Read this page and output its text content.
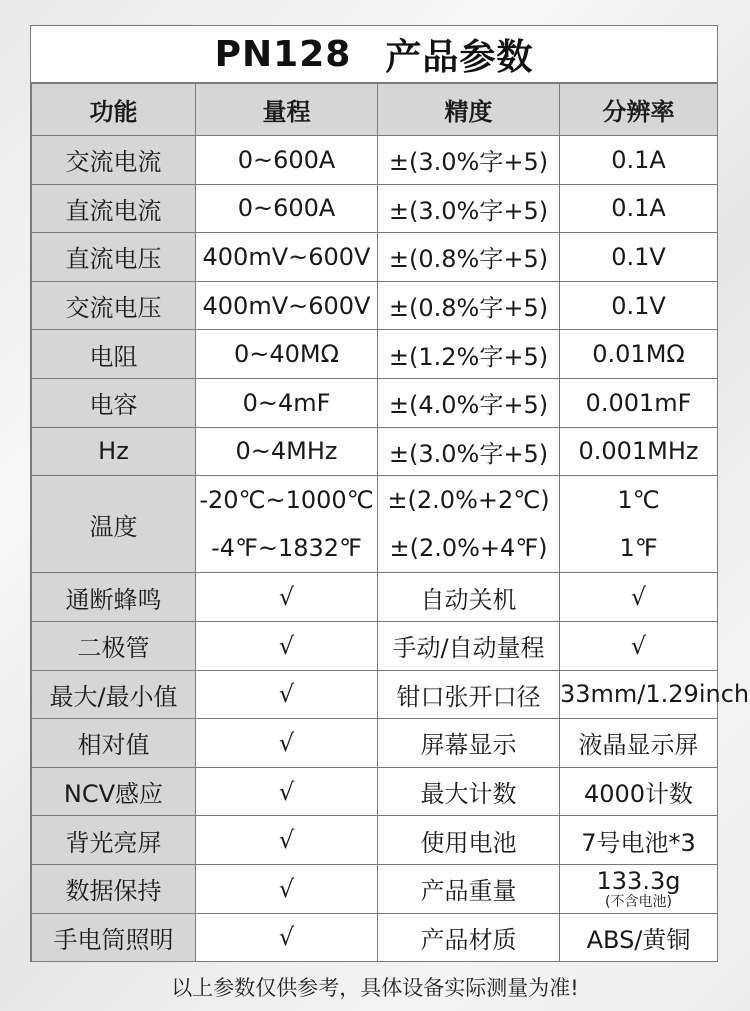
PN128 产品参数
功能	量程	精度	分辨率
交流电流	0~600A	±(3.0%字+5)	0.1A
直流电流	0~600A	±(3.0%字+5)	0.1A
直流电压	400mV~600V	±(0.8%字+5)	0.1V
交流电压	400mV~600V	±(0.8%字+5)	0.1V
电阻	0~40MΩ	±(1.2%字+5)	0.01MΩ
电容	0~4mF	±(4.0%字+5)	0.001mF
Hz	0~4MHz	±(3.0%字+5)	0.001MHz
温度	-20℃~1000℃	±(2.0%+2℃)	1℃
	-4℉~1832℉	±(2.0%+4℉)	1℉
通断蜂鸣	√	自动关机	√
二极管	√	手动/自动量程	√
最大/最小值	√	钳口张开口径	33mm/1.29inch
相对值	√	屏幕显示	液晶显示屏
NCV感应	√	最大计数	4000计数
背光亮屏	√	使用电池	7号电池*3
数据保持	√	产品重量	133.3g
(不含电池)

手电筒照明	√	产品材质	ABS/黄铜
以上参数仅供参考，具体设备实际测量为准!
